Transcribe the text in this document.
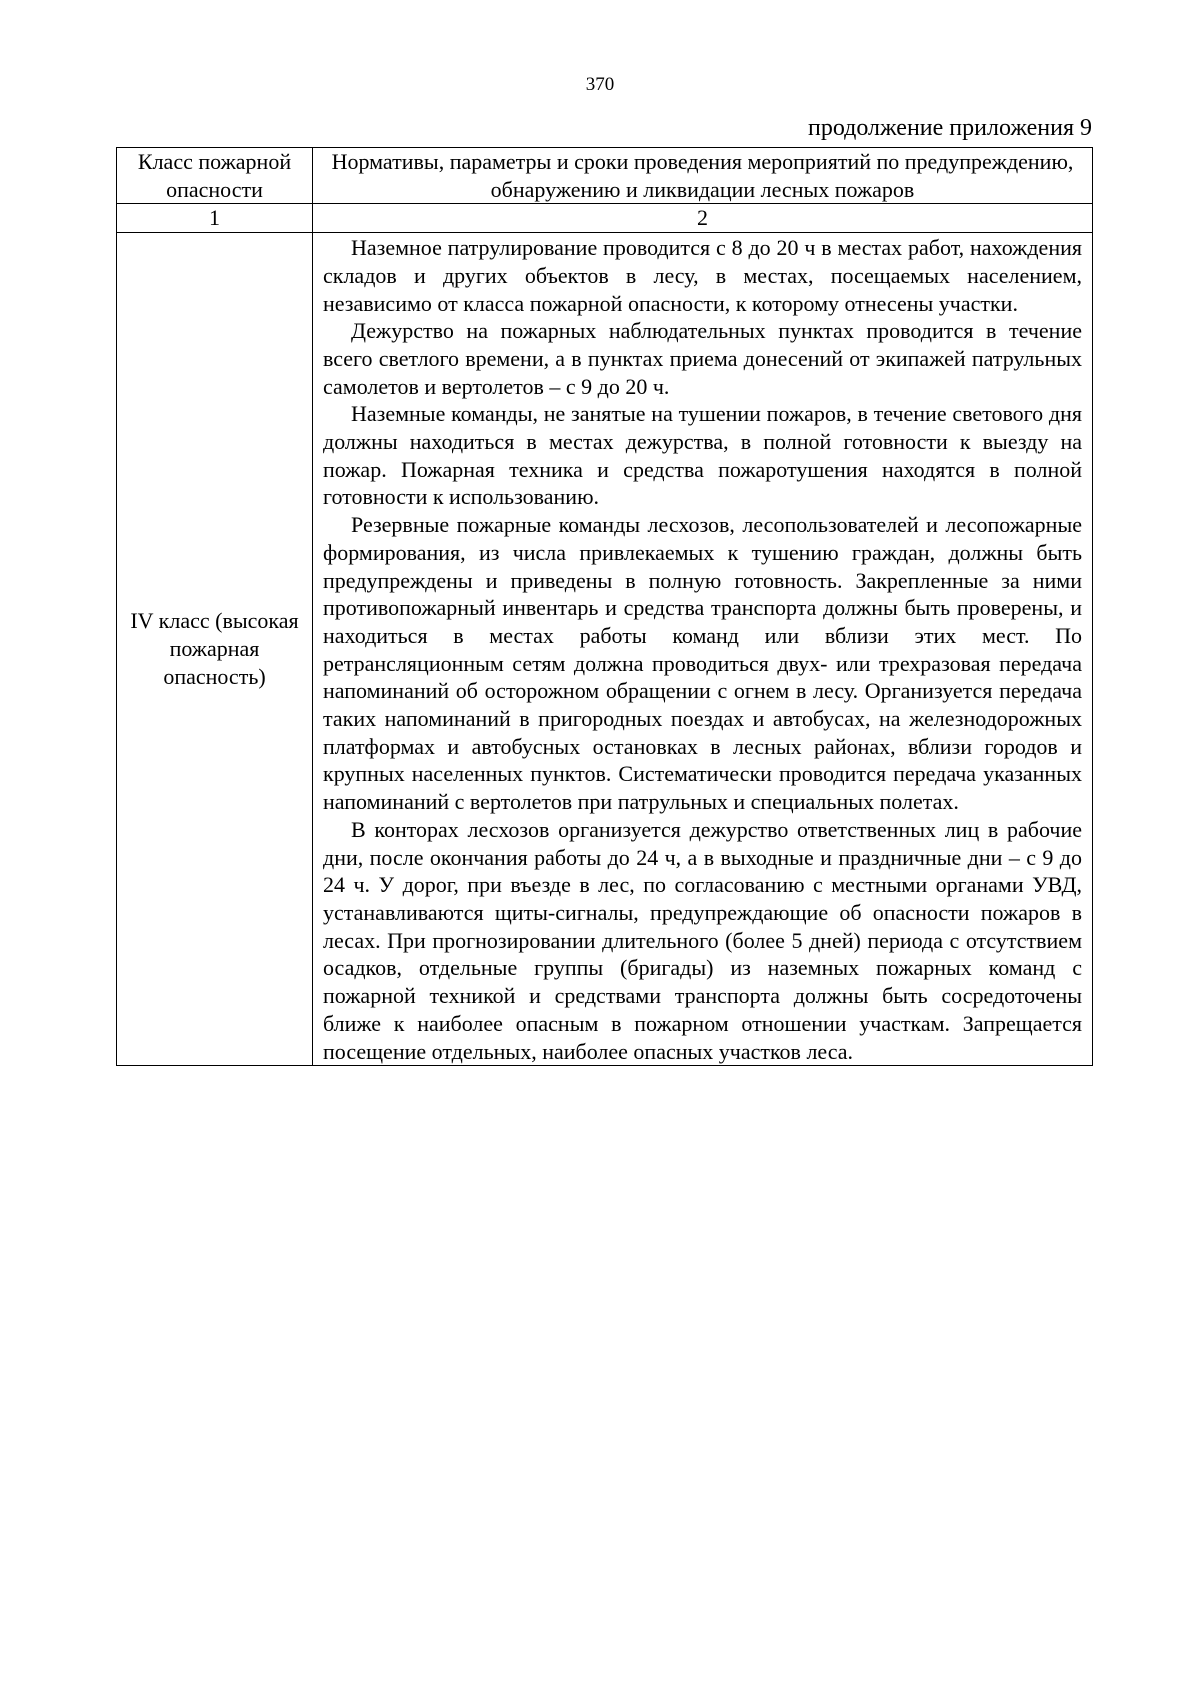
370
продолжение приложения 9
Класс пожарной опасности	Нормативы, параметры и сроки проведения мероприятий по предупреждению, обнаружению и ликвидации лесных пожаров
1	2
IV класс (высокая пожарная опасность)	Наземное патрулирование проводится с 8 до 20 ч в местах работ, нахождения складов и других объектов в лесу, в местах, посещаемых населением, независимо от класса пожарной опасности, к которому отнесены участки.

Дежурство на пожарных наблюдательных пунктах проводится в течение всего светлого времени, а в пунктах приема донесений от экипажей патрульных самолетов и вертолетов – с 9 до 20 ч.

Наземные команды, не занятые на тушении пожаров, в течение светового дня должны находиться в местах дежурства, в полной готовности к выезду на пожар. Пожарная техника и средства пожаротушения находятся в полной готовности к использованию.

Резервные пожарные команды лесхозов, лесопользователей и лесопожарные формирования, из числа привлекаемых к тушению граждан, должны быть предупреждены и приведены в полную готовность. Закрепленные за ними противопожарный инвентарь и средства транспорта должны быть проверены, и находиться в местах работы команд или вблизи этих мест. По ретрансляционным сетям должна проводиться двух- или трехразовая передача напоминаний об осторожном обращении с огнем в лесу. Организуется передача таких напоминаний в пригородных поездах и автобусах, на железнодорожных платформах и автобусных остановках в лесных районах, вблизи городов и крупных населенных пунктов. Систематически проводится передача указанных напоминаний с вертолетов при патрульных и специальных полетах.

В конторах лесхозов организуется дежурство ответственных лиц в рабочие дни, после окончания работы до 24 ч, а в выходные и праздничные дни – с 9 до 24 ч. У дорог, при въезде в лес, по согласованию с местными органами УВД, устанавливаются щиты-сигналы, предупреждающие об опасности пожаров в лесах. При прогнозировании длительного (более 5 дней) периода с отсутствием осадков, отдельные группы (бригады) из наземных пожарных команд с пожарной техникой и средствами транспорта должны быть сосредоточены ближе к наиболее опасным в пожарном отношении участкам. Запрещается посещение отдельных, наиболее опасных участков леса.
